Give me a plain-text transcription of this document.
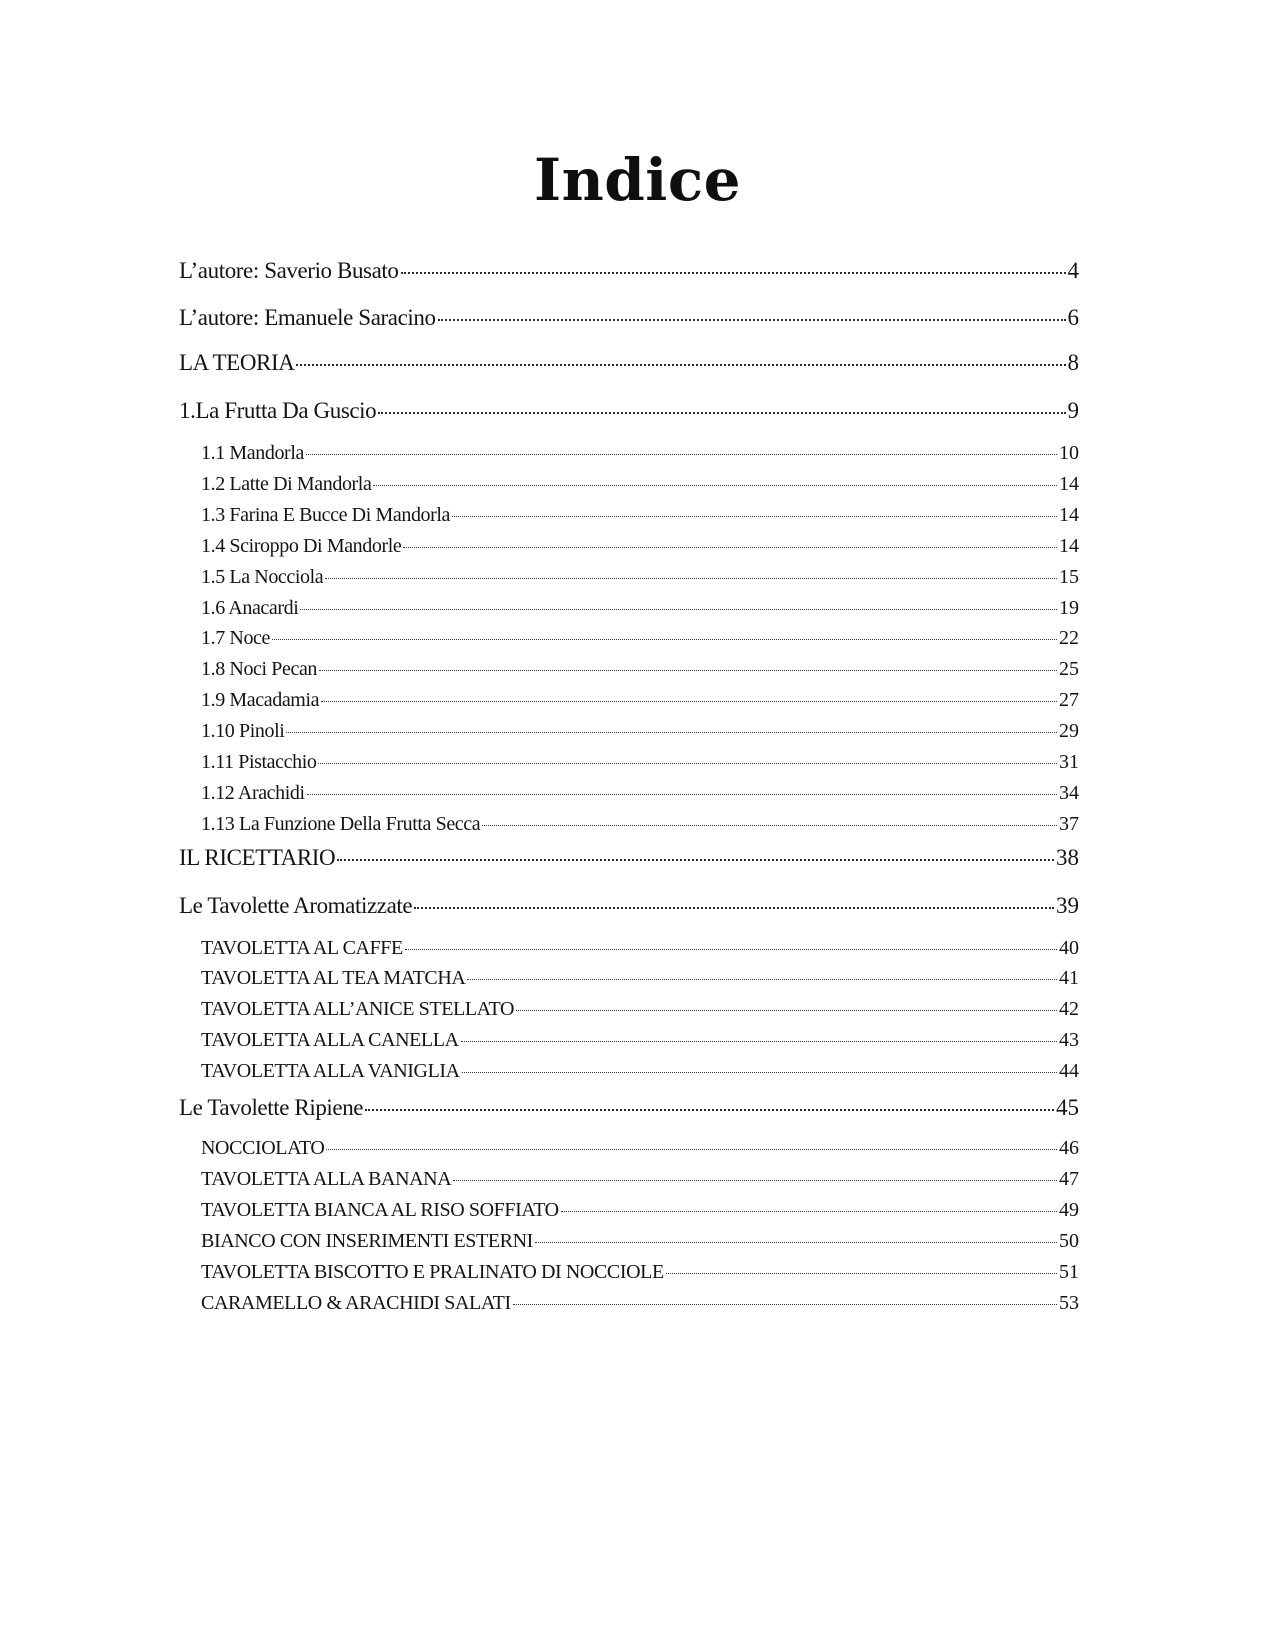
Indice
L’autore: Saverio Busato	4
L’autore: Emanuele Saracino	6
LA TEORIA	8
1.La Frutta Da Guscio	9
1.1 Mandorla	10
1.2 Latte Di Mandorla	14
1.3 Farina E Bucce Di Mandorla	14
1.4 Sciroppo Di Mandorle	14
1.5 La Nocciola	15
1.6 Anacardi	19
1.7 Noce	22
1.8 Noci Pecan	25
1.9 Macadamia	27
1.10 Pinoli	29
1.11 Pistacchio	31
1.12 Arachidi	34
1.13 La Funzione Della Frutta Secca	37
IL RICETTARIO	38
Le Tavolette Aromatizzate	39
TAVOLETTA AL CAFFE	40
TAVOLETTA AL TEA MATCHA	41
TAVOLETTA ALL’ANICE STELLATO	42
TAVOLETTA ALLA CANELLA	43
TAVOLETTA ALLA VANIGLIA	44
Le Tavolette Ripiene	45
NOCCIOLATO	46
TAVOLETTA ALLA BANANA	47
TAVOLETTA BIANCA AL RISO SOFFIATO	49
BIANCO CON INSERIMENTI ESTERNI	50
TAVOLETTA BISCOTTO E PRALINATO DI NOCCIOLE	51
CARAMELLO & ARACHIDI SALATI	53
